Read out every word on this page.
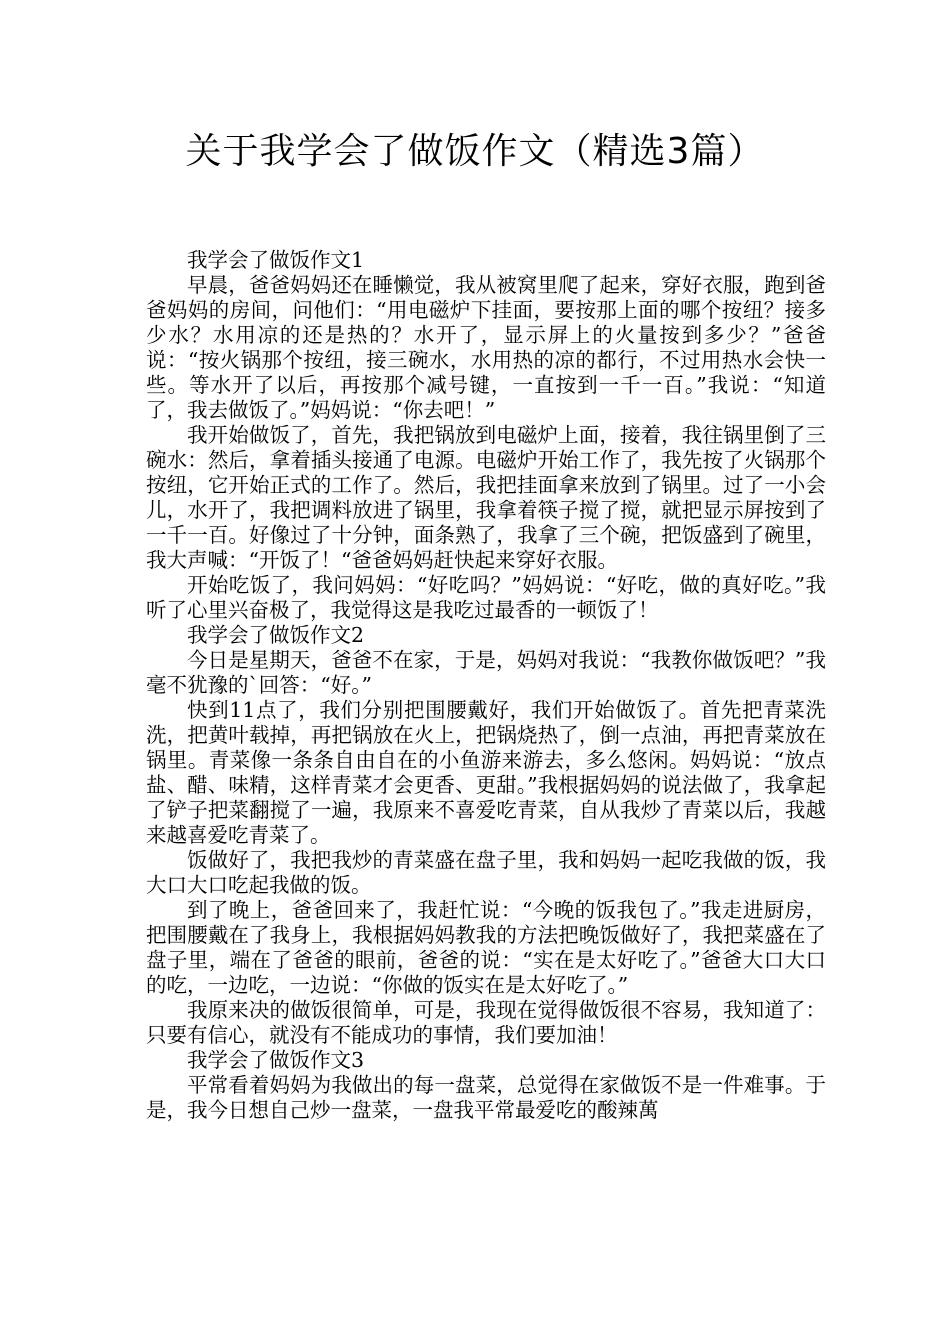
关于我学会了做饭作文（精选3篇）

我学会了做饭作文1

早晨，爸爸妈妈还在睡懒觉，我从被窝里爬了起来，穿好衣服，跑到爸爸妈妈的房间，问他们：“用电磁炉下挂面，要按那上面的哪个按纽？接多少水？水用凉的还是热的？水开了，显示屏上的火量按到多少？”爸爸说：“按火锅那个按纽，接三碗水，水用热的凉的都行，不过用热水会快一些。等水开了以后，再按那个减号键，一直按到一千一百。”我说：“知道了，我去做饭了。”妈妈说：“你去吧！”

我开始做饭了，首先，我把锅放到电磁炉上面，接着，我往锅里倒了三碗水：然后，拿着插头接通了电源。电磁炉开始工作了，我先按了火锅那个按纽，它开始正式的工作了。然后，我把挂面拿来放到了锅里。过了一小会儿，水开了，我把调料放进了锅里，我拿着筷子搅了搅，就把显示屏按到了一千一百。好像过了十分钟，面条熟了，我拿了三个碗，把饭盛到了碗里，我大声喊：“开饭了！“爸爸妈妈赶快起来穿好衣服。

开始吃饭了，我问妈妈：“好吃吗？”妈妈说：“好吃，做的真好吃。”我听了心里兴奋极了，我觉得这是我吃过最香的一顿饭了！

我学会了做饭作文2

今日是星期天，爸爸不在家，于是，妈妈对我说：“我教你做饭吧？”我毫不犹豫的`回答：“好。”

快到11点了，我们分别把围腰戴好，我们开始做饭了。首先把青菜洗洗，把黄叶载掉，再把锅放在火上，把锅烧热了，倒一点油，再把青菜放在锅里。青菜像一条条自由自在的小鱼游来游去，多么悠闲。妈妈说：“放点盐、醋、味精，这样青菜才会更香、更甜。”我根据妈妈的说法做了，我拿起了铲子把菜翻搅了一遍，我原来不喜爱吃青菜，自从我炒了青菜以后，我越来越喜爱吃青菜了。

饭做好了，我把我炒的青菜盛在盘子里，我和妈妈一起吃我做的饭，我大口大口吃起我做的饭。

到了晚上，爸爸回来了，我赶忙说：“今晚的饭我包了。”我走进厨房，把围腰戴在了我身上，我根据妈妈教我的方法把晚饭做好了，我把菜盛在了盘子里，端在了爸爸的眼前，爸爸的说：“实在是太好吃了。”爸爸大口大口的吃，一边吃，一边说：“你做的饭实在是太好吃了。”

我原来决的做饭很简单，可是，我现在觉得做饭很不容易，我知道了：只要有信心，就没有不能成功的事情，我们要加油！

我学会了做饭作文3

平常看着妈妈为我做出的每一盘菜，总觉得在家做饭不是一件难事。于是，我今日想自己炒一盘菜，一盘我平常最爱吃的酸辣萬
